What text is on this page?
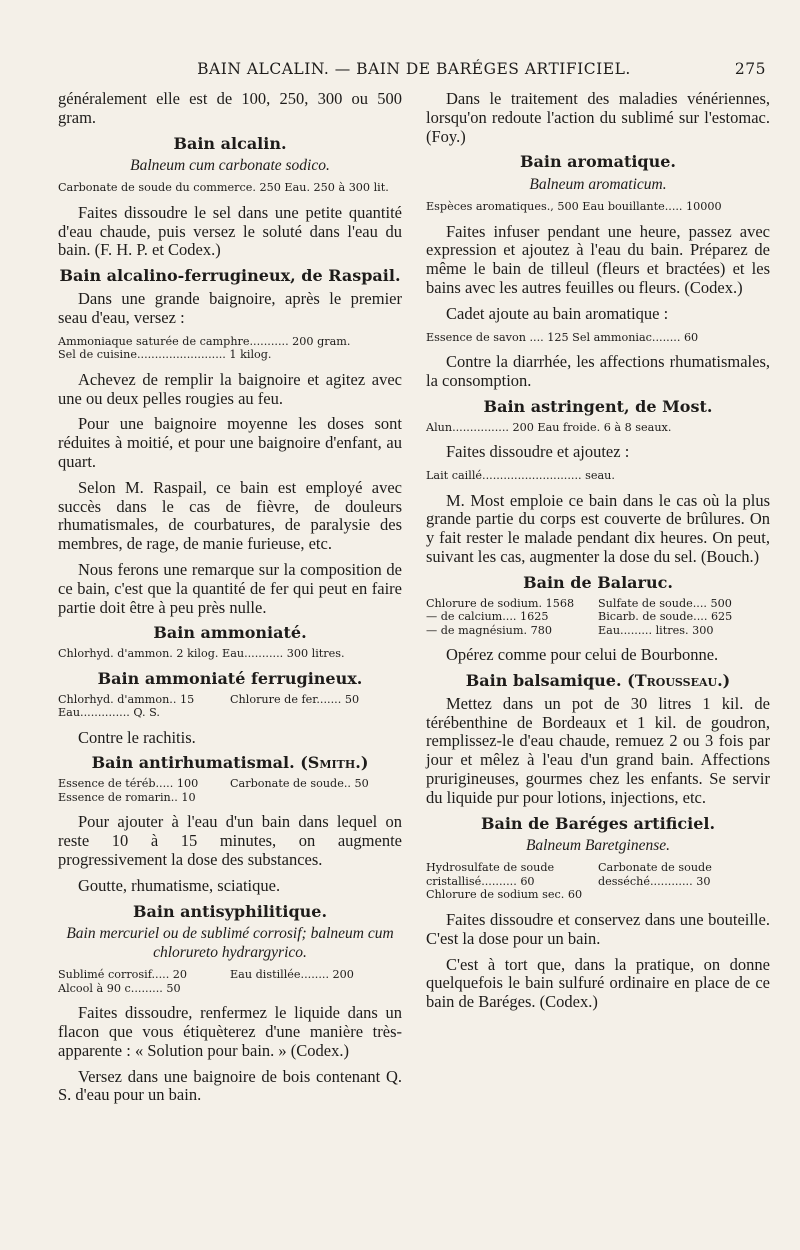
BAIN ALCALIN. — BAIN DE BARÉGES ARTIFICIEL.	275

généralement elle est de 100, 250, 300 ou 500 gram.

Bain alcalin.
Balneum cum carbonate sodico.
Carbonate de soude du commerce. 250 Eau. 250 à 300 lit.

Faites dissoudre le sel dans une petite quantité d'eau chaude, puis versez le soluté dans l'eau du bain. (F. H. P. et Codex.)

Bain alcalino-ferrugineux, de Raspail.

Dans une grande baignoire, après le premier seau d'eau, versez :

Ammoniaque saturée de camphre........... 200 gram.
Sel de cuisine......................... 1 kilog.

Achevez de remplir la baignoire et agitez avec une ou deux pelles rougies au feu.

Pour une baignoire moyenne les doses sont réduites à moitié, et pour une baignoire d'enfant, au quart.

Selon M. Raspail, ce bain est employé avec succès dans le cas de fièvre, de douleurs rhumatismales, de courbatures, de paralysie des membres, de rage, de manie furieuse, etc.

Nous ferons une remarque sur la composition de ce bain, c'est que la quantité de fer qui peut en faire partie doit être à peu près nulle.

Bain ammoniaté.
Chlorhyd. d'ammon. 2 kilog. Eau........... 300 litres.
Bain ammoniaté ferrugineux.
Chlorhyd. d'ammon.. 15	Chlorure de fer....... 50
Eau.............. Q. S.

Contre le rachitis.

Bain antirhumatismal. (Smith.)
Essence de téréb..... 100	Carbonate de soude.. 50
Essence de romarin.. 10

Pour ajouter à l'eau d'un bain dans lequel on reste 10 à 15 minutes, on augmente progressivement la dose des substances.

Goutte, rhumatisme, sciatique.

Bain antisyphilitique.
Bain mercuriel ou de sublimé corrosif; balneum cum chlorureto hydrargyrico.
Sublimé corrosif..... 20	Eau distillée........ 200
Alcool à 90 c......... 50

Faites dissoudre, renfermez le liquide dans un flacon que vous étiquèterez d'une manière très-apparente : « Solution pour bain. » (Codex.)

Versez dans une baignoire de bois contenant Q. S. d'eau pour un bain.

Dans le traitement des maladies vénériennes, lorsqu'on redoute l'action du sublimé sur l'estomac. (Foy.)

Bain aromatique.
Balneum aromaticum.
Espèces aromatiques., 500 Eau bouillante..... 10000

Faites infuser pendant une heure, passez avec expression et ajoutez à l'eau du bain. Préparez de même le bain de tilleul (fleurs et bractées) et les bains avec les autres feuilles ou fleurs. (Codex.)

Cadet ajoute au bain aromatique :

Essence de savon .... 125 Sel ammoniac........ 60

Contre la diarrhée, les affections rhumatismales, la consomption.

Bain astringent, de Most.
Alun................ 200 Eau froide. 6 à 8 seaux.

Faites dissoudre et ajoutez :

Lait caillé............................ seau.

M. Most emploie ce bain dans le cas où la plus grande partie du corps est couverte de brûlures. On y fait rester le malade pendant dix heures. On peut, suivant les cas, augmenter la dose du sel. (Bouch.)

Bain de Balaruc.
Chlorure de sodium. 1568	Sulfate de soude.... 500
— de calcium.... 1625	Bicarb. de soude.... 625
— de magnésium. 780	Eau......... litres. 300

Opérez comme pour celui de Bourbonne.

Bain balsamique. (Trousseau.)

Mettez dans un pot de 30 litres 1 kil. de térébenthine de Bordeaux et 1 kil. de goudron, remplissez-le d'eau chaude, remuez 2 ou 3 fois par jour et mêlez à l'eau d'un grand bain. Affections prurigineuses, gourmes chez les enfants. Se servir du liquide pur pour lotions, injections, etc.

Bain de Baréges artificiel.
Balneum Baretginense.
Hydrosulfate de soude	Carbonate de soude
cristallisé.......... 60	desséché............ 30
Chlorure de sodium sec. 60

Faites dissoudre et conservez dans une bouteille. C'est la dose pour un bain.

C'est à tort que, dans la pratique, on donne quelquefois le bain sulfuré ordinaire en place de ce bain de Baréges. (Codex.)
